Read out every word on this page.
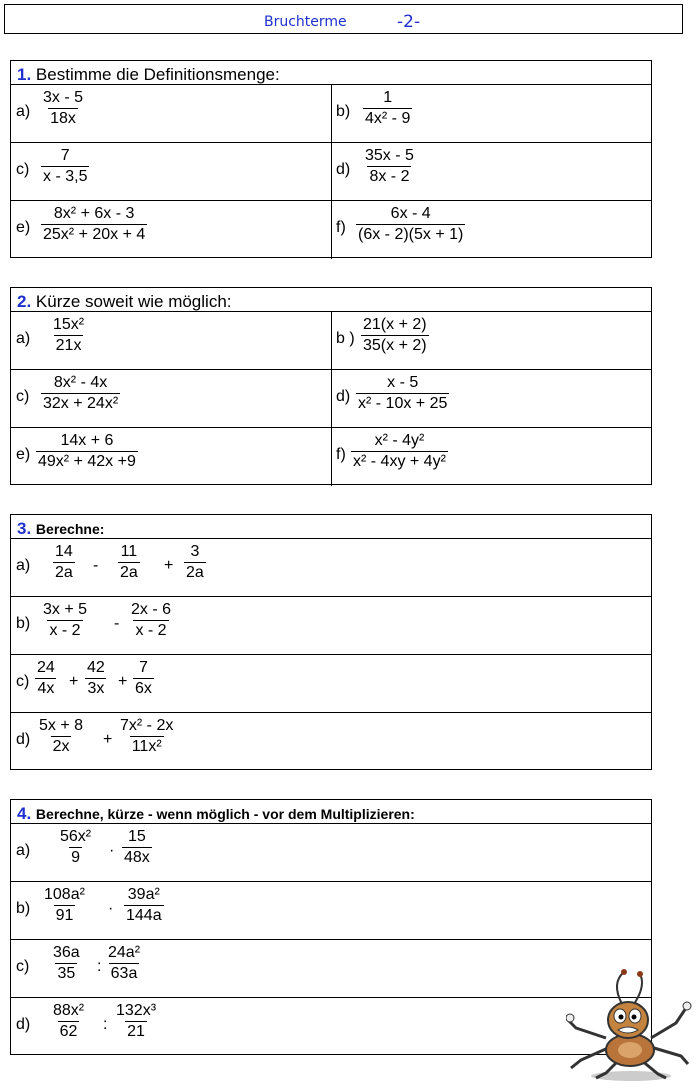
Bruchterme	-2-
1. Bestimme die Definitionsmenge:
$a) \frac{3x - 5}{18x}$	$b) \frac{1}{\text{4x² - 9}}$
$c) \frac{7}{x - 3,5}$	$d) \frac{35x - 5}{8x - 2}$
$e) \frac{\text{8x² + 6x - 3}}{\text{25x² + 20x + 4}}$	$f) \frac{6x - 4}{(6x - 2)(5x + 1)}$
2. Kürze soweit wie möglich:
$a) \frac{\text{15x²}}{21x}$	b ) $\frac{21(x + 2)}{35(x + 2)}$
$c) \frac{\text{8x² - 4x}}{\text{32x + 24x²}}$	$d) \frac{x - 5}{\text{x² - 10x + 25}}$
$e) \frac{14x + 6}{\text{49x² + 42x +9}}$	$f) \frac{\text{x² - 4y²}}{\text{x² - 4xy + 4y²}}$
3. Berechne:
$a) \frac{14}{2a} - \frac{11}{2a} + \frac{3}{2a}$
$b) \frac{3x + 5}{x - 2} - \frac{2x - 6}{x - 2}$
$c) \frac{24}{4x} + \frac{42}{3x} + \frac{7}{6x}$
$d) \frac{5x + 8}{2x} + \frac{\text{7x² - 2x}}{\text{11x²}}$
4. Berechne, kürze - wenn möglich - vor dem Multiplizieren:
$a) \frac{\text{56x²}}{9} \cdot \frac{15}{48x}$
$b) \frac{\text{108a²}}{91} \cdot \frac{\text{39a²}}{144a}$
$c) \frac{36a}{35}$ : $\frac{\text{24a²}}{63a}$
$d) \frac{\text{88x²}}{62}$ : $\frac{\text{132x³}}{21}$
